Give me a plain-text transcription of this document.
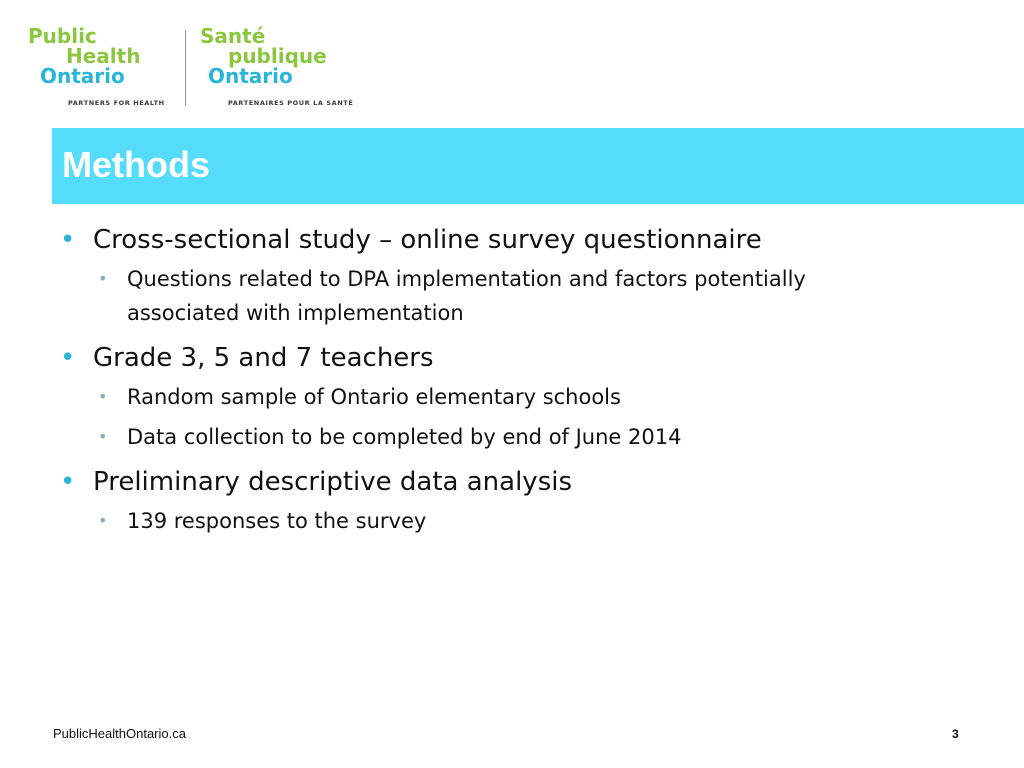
Public
Health
Ontario
PARTNERS FOR HEALTH
Santé
publique
Ontario
PARTENAIRES POUR LA SANTÉ
Methods
• Cross-sectional study – online survey questionnaire
• Questions related to DPA implementation and factors potentially associated with implementation
• Grade 3, 5 and 7 teachers
• Random sample of Ontario elementary schools
• Data collection to be completed by end of June 2014
• Preliminary descriptive data analysis
• 139 responses to the survey
PublicHealthOntario.ca	3
